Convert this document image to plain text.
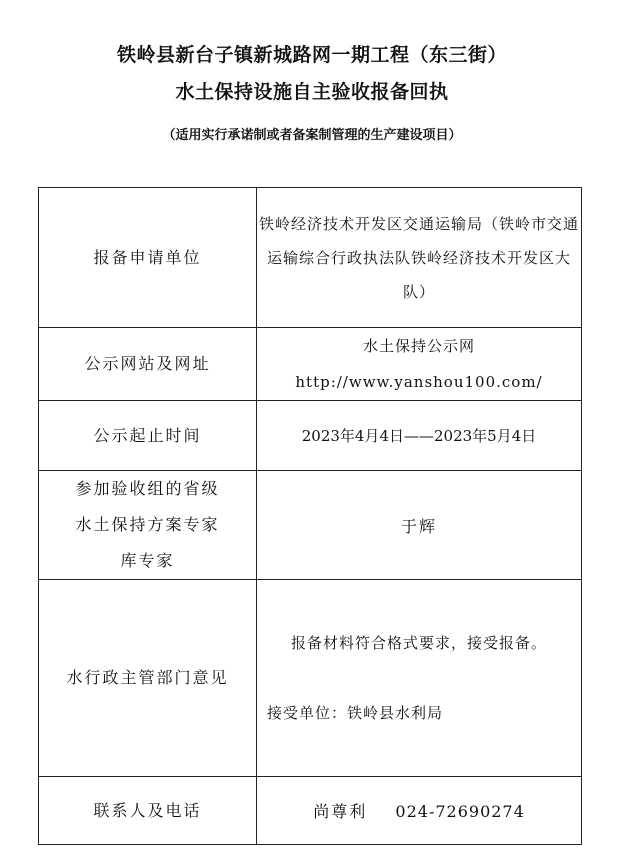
铁岭县新台子镇新城路网一期工程（东三街）
水土保持设施自主验收报备回执
（适用实行承诺制或者备案制管理的生产建设项目）
报备申请单位	铁岭经济技术开发区交通运输局（铁岭市交通运输综合行政执法队铁岭经济技术开发区大队）
公示网站及网址	水土保持公示网
http://www.yanshou100.com/

公示起止时间	2023年4月4日——2023年5月4日

参加验收组的省级
水土保持方案专家
库专家	于辉
水行政主管部门意见	报备材料符合格式要求，接受报备。
接受单位：铁岭县水利局

联系人及电话	尚尊利 024-72690274
